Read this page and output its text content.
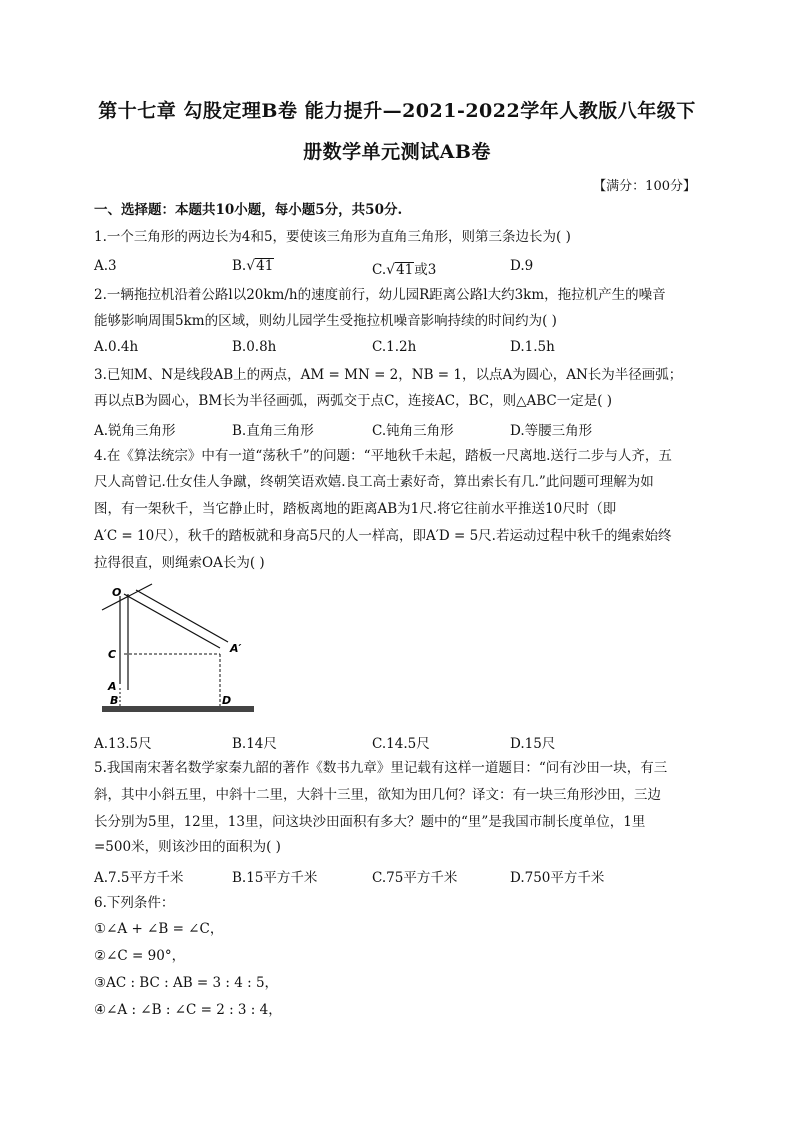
第十七章 勾股定理B卷 能力提升—2021-2022学年人教版八年级下
册数学单元测试AB卷
【满分：100分】
一、选择题：本题共10小题，每小题5分，共50分.
1.一个三角形的两边长为4和5，要使该三角形为直角三角形，则第三条边长为( )
A.3	B.√41	C.√41或3	D.9
2.一辆拖拉机沿着公路l以20km/h的速度前行，幼儿园R距离公路l大约3km，拖拉机产生的噪音
能够影响周围5km的区域，则幼儿园学生受拖拉机噪音影响持续的时间约为( )
A.0.4h	B.0.8h	C.1.2h	D.1.5h
3.已知M、N是线段AB上的两点，AM = MN = 2，NB = 1，以点A为圆心，AN长为半径画弧；
再以点B为圆心，BM长为半径画弧，两弧交于点C，连接AC，BC，则△ABC一定是( )
A.锐角三角形	B.直角三角形	C.钝角三角形	D.等腰三角形
4.在《算法统宗》中有一道“荡秋千”的问题：“平地秋千未起，踏板一尺离地.送行二步与人齐，五
尺人高曾记.仕女佳人争蹴，终朝笑语欢嬉.良工高士素好奇，算出索长有几.”此问题可理解为如
图，有一架秋千，当它静止时，踏板离地的距离AB为1尺.将它往前水平推送10尺时（即
A′C = 10尺），秋千的踏板就和身高5尺的人一样高，即A′D = 5尺.若运动过程中秋千的绳索始终
拉得很直，则绳索OA长为( )
O
C
A
B
A′
D
A.13.5尺	B.14尺	C.14.5尺	D.15尺
5.我国南宋著名数学家秦九韶的著作《数书九章》里记载有这样一道题目：“问有沙田一块，有三
斜，其中小斜五里，中斜十二里，大斜十三里，欲知为田几何？译文：有一块三角形沙田，三边
长分别为5里，12里，13里，问这块沙田面积有多大？题中的“里”是我国市制长度单位，1里
=500米，则该沙田的面积为( )
A.7.5平方千米	B.15平方千米	C.75平方千米	D.750平方千米
6.下列条件：
①∠A + ∠B = ∠C，
②∠C = 90°，
③AC : BC : AB = 3 : 4 : 5，
④∠A : ∠B : ∠C = 2 : 3 : 4，
